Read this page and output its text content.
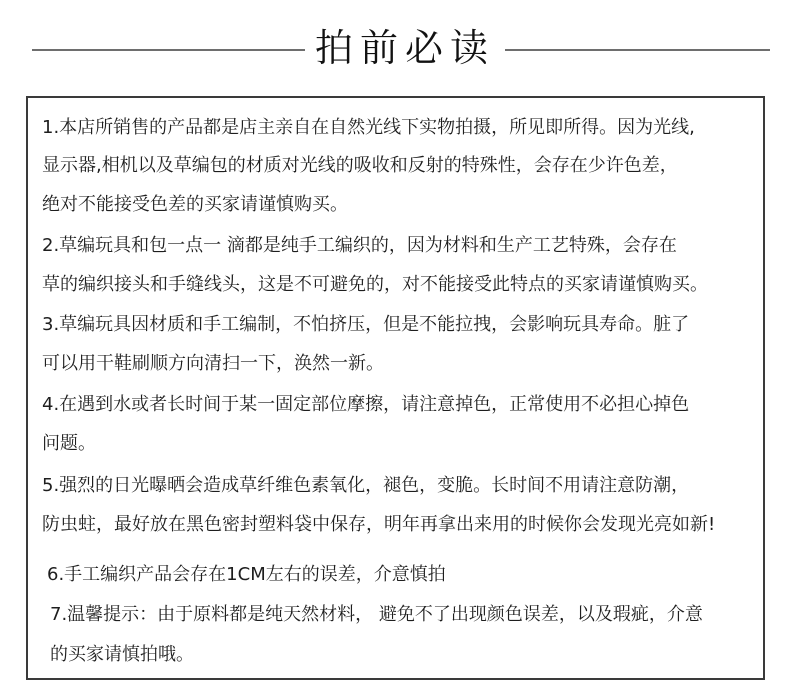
拍前必读
1.本店所销售的产品都是店主亲自在自然光线下实物拍摄，所见即所得。因为光线,
显示器,相机以及草编包的材质对光线的吸收和反射的特殊性，会存在少许色差，
绝对不能接受色差的买家请谨慎购买。
2.草编玩具和包一点一 滴都是纯手工编织的，因为材料和生产工艺特殊，会存在
草的编织接头和手缝线头，这是不可避免的，对不能接受此特点的买家请谨慎购买。
3.草编玩具因材质和手工编制，不怕挤压，但是不能拉拽，会影响玩具寿命。脏了
可以用干鞋刷顺方向清扫一下，涣然一新。
4.在遇到水或者长时间于某一固定部位摩擦，请注意掉色，正常使用不必担心掉色
问题。
5.强烈的日光曝晒会造成草纤维色素氧化，褪色，变脆。长时间不用请注意防潮，
防虫蛀，最好放在黑色密封塑料袋中保存，明年再拿出来用的时候你会发现光亮如新!
6.手工编织产品会存在1CM左右的误差，介意慎拍
7.温馨提示：由于原料都是纯天然材料， 避免不了出现颜色误差，以及瑕疵，介意
的买家请慎拍哦。
